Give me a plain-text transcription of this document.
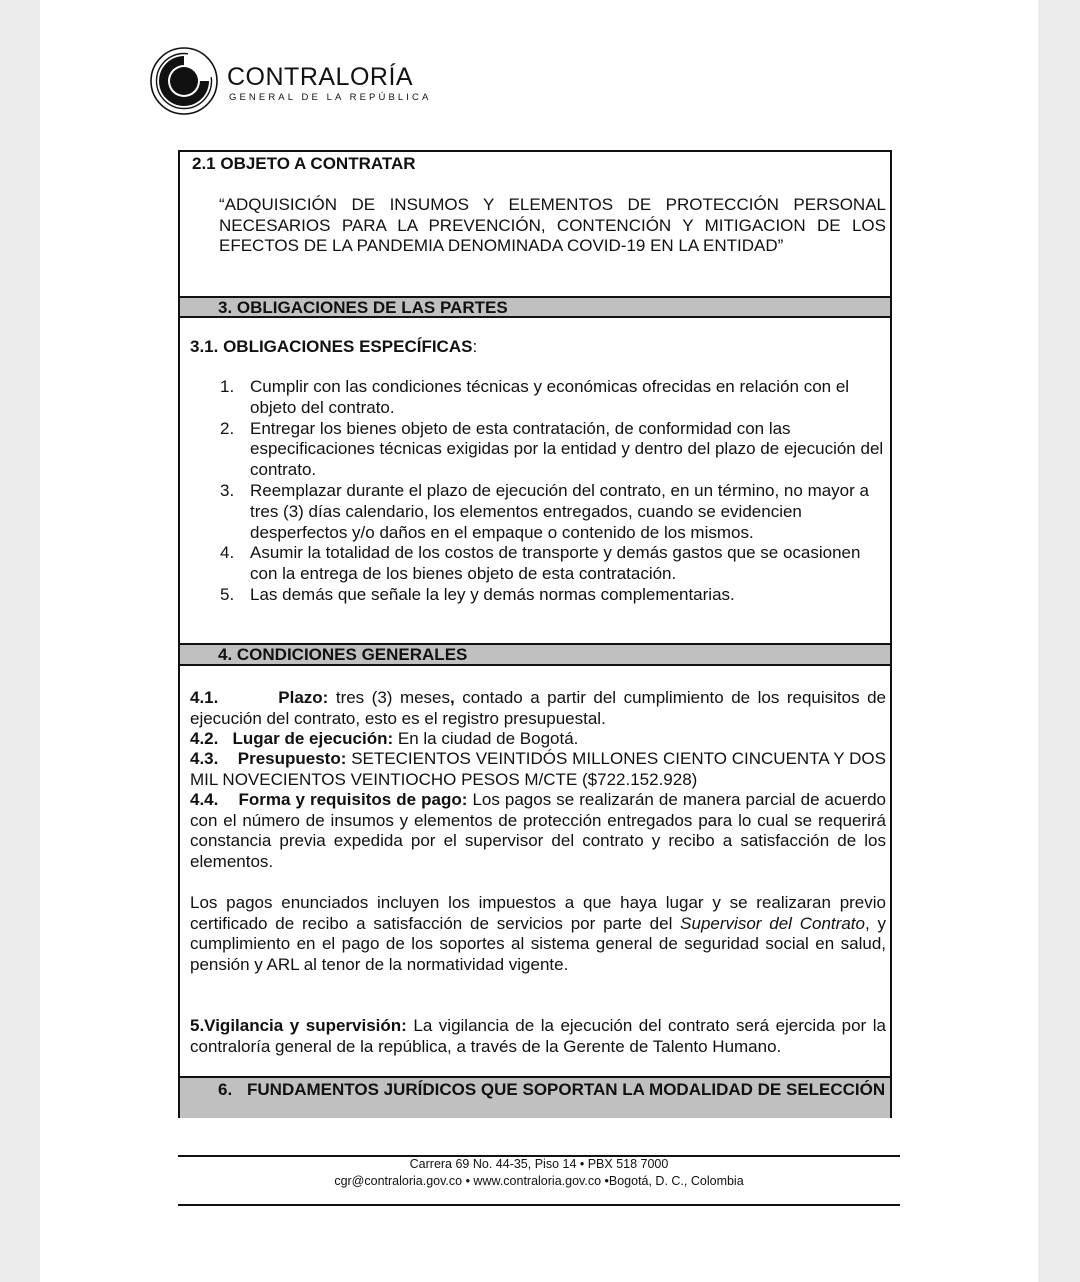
CONTRALORÍA
GENERAL DE LA REPÚBLICA
2.1 OBJETO A CONTRATAR
“ADQUISICIÓN DE INSUMOS Y ELEMENTOS DE PROTECCIÓN PERSONAL NECESARIOS PARA LA PREVENCIÓN, CONTENCIÓN Y MITIGACION DE LOS EFECTOS DE LA PANDEMIA DENOMINADA COVID-19 EN LA ENTIDAD”
3. OBLIGACIONES DE LAS PARTES
3.1. OBLIGACIONES ESPECÍFICAS:
1. Cumplir con las condiciones técnicas y económicas ofrecidas en relación con el objeto del contrato.
2. Entregar los bienes objeto de esta contratación, de conformidad con las especificaciones técnicas exigidas por la entidad y dentro del plazo de ejecución del contrato.
3. Reemplazar durante el plazo de ejecución del contrato, en un término, no mayor a tres (3) días calendario, los elementos entregados, cuando se evidencien desperfectos y/o daños en el empaque o contenido de los mismos.
4. Asumir la totalidad de los costos de transporte y demás gastos que se ocasionen con la entrega de los bienes objeto de esta contratación.
5. Las demás que señale la ley y demás normas complementarias.
4. CONDICIONES GENERALES
4.1.	Plazo: tres (3) meses, contado a partir del cumplimiento de los requisitos de ejecución del contrato, esto es el registro presupuestal.
4.2. Lugar de ejecución: En la ciudad de Bogotá.
4.3. Presupuesto: SETECIENTOS VEINTIDÓS MILLONES CIENTO CINCUENTA Y DOS MIL NOVECIENTOS VEINTIOCHO PESOS M/CTE ($722.152.928)
4.4. Forma y requisitos de pago: Los pagos se realizarán de manera parcial de acuerdo con el número de insumos y elementos de protección entregados para lo cual se requerirá constancia previa expedida por el supervisor del contrato y recibo a satisfacción de los elementos.
Los pagos enunciados incluyen los impuestos a que haya lugar y se realizaran previo certificado de recibo a satisfacción de servicios por parte del Supervisor del Contrato, y cumplimiento en el pago de los soportes al sistema general de seguridad social en salud, pensión y ARL al tenor de la normatividad vigente.
5.Vigilancia y supervisión: La vigilancia de la ejecución del contrato será ejercida por la contraloría general de la república, a través de la Gerente de Talento Humano.
6. FUNDAMENTOS JURÍDICOS QUE SOPORTAN LA MODALIDAD DE SELECCIÓN
Carrera 69 No. 44-35, Piso 14 • PBX 518 7000
cgr@contraloria.gov.co • www.contraloria.gov.co •Bogotá, D. C., Colombia
